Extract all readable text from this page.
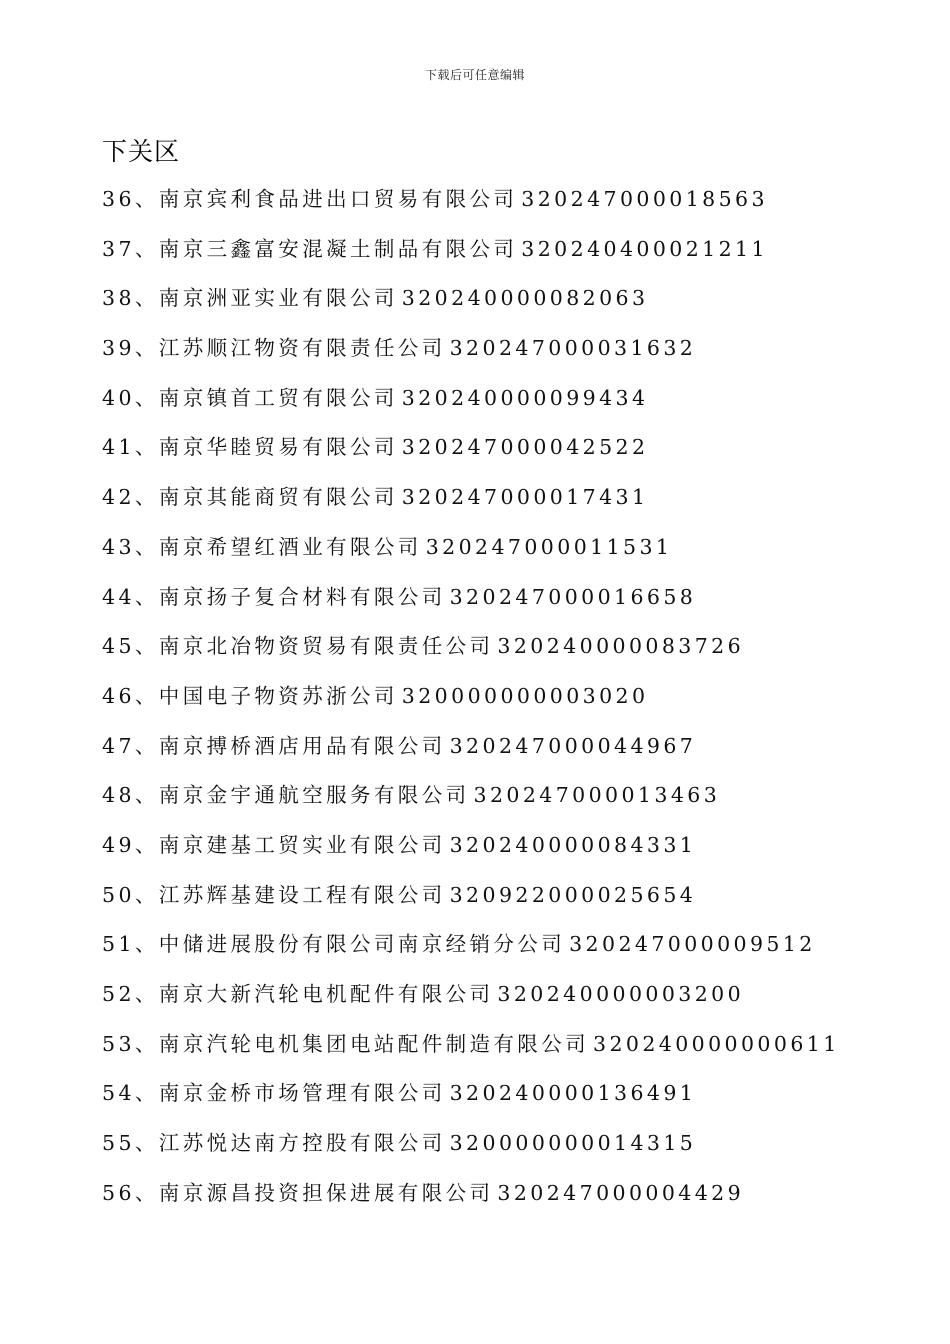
下载后可任意编辑
下关区
36、南京宾利食品进出口贸易有限公司 320247000018563
37、南京三鑫富安混凝土制品有限公司 320240400021211
38、南京洲亚实业有限公司 320240000082063
39、江苏顺江物资有限责任公司 320247000031632
40、南京镇首工贸有限公司 320240000099434
41、南京华睦贸易有限公司 320247000042522
42、南京其能商贸有限公司 320247000017431
43、南京希望红酒业有限公司 320247000011531
44、南京扬子复合材料有限公司 320247000016658
45、南京北冶物资贸易有限责任公司 320240000083726
46、中国电子物资苏浙公司 320000000003020
47、南京搏桥酒店用品有限公司 320247000044967
48、南京金宇通航空服务有限公司 320247000013463
49、南京建基工贸实业有限公司 320240000084331
50、江苏辉基建设工程有限公司 320922000025654
51、中储进展股份有限公司南京经销分公司 320247000009512
52、南京大新汽轮电机配件有限公司 320240000003200
53、南京汽轮电机集团电站配件制造有限公司 320240000000611
54、南京金桥市场管理有限公司 320240000136491
55、江苏悦达南方控股有限公司 320000000014315
56、南京源昌投资担保进展有限公司 320247000004429
